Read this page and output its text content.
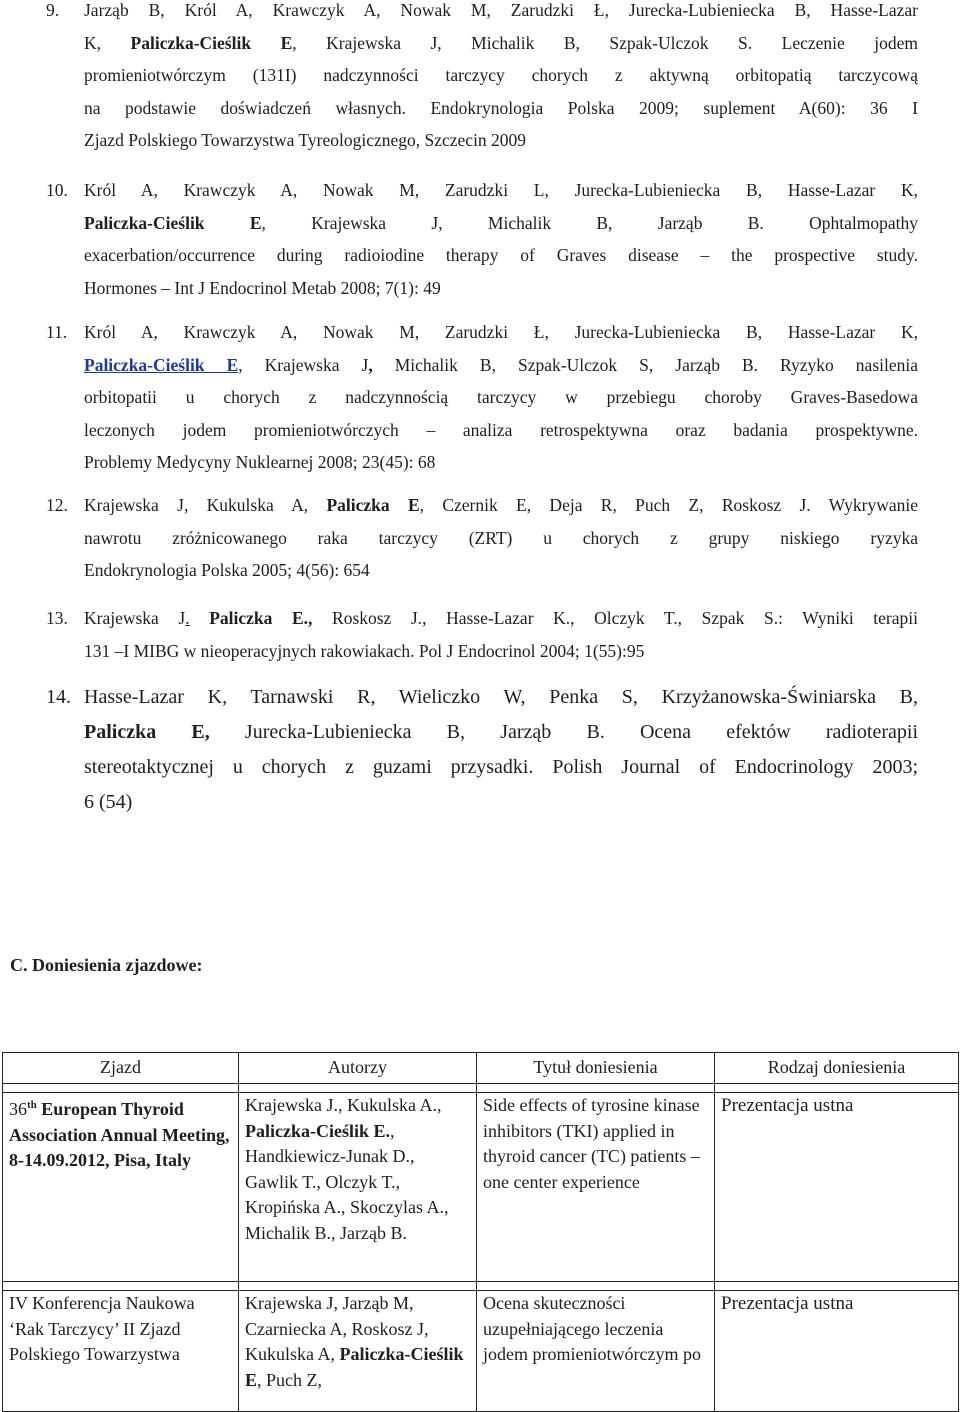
9.	Jarząb B, Król A, Krawczyk A, Nowak M, Zarudzki Ł, Jurecka-Lubieniecka B, Hasse-Lazar
K, Paliczka-Cieślik E, Krajewska J, Michalik B, Szpak-Ulczok S. Leczenie jodem
promieniotwórczym (131I) nadczynności tarczycy chorych z aktywną orbitopatią tarczycową
na podstawie doświadczeń własnych. Endokrynologia Polska 2009; suplement A(60): 36 I
Zjazd Polskiego Towarzystwa Tyreologicznego, Szczecin 2009
10. Król A, Krawczyk A, Nowak M, Zarudzki L, Jurecka-Lubieniecka B, Hasse-Lazar K,
Paliczka-Cieślik E, Krajewska J, Michalik B, Jarząb B. Ophtalmopathy
exacerbation/occurrence during radioiodine therapy of Graves disease – the prospective study.
Hormones – Int J Endocrinol Metab 2008; 7(1): 49
11. Król A, Krawczyk A, Nowak M, Zarudzki Ł, Jurecka-Lubieniecka B, Hasse-Lazar K,
Paliczka-Cieślik E, Krajewska J, Michalik B, Szpak-Ulczok S, Jarząb B. Ryzyko nasilenia
orbitopatii u chorych z nadczynnością tarczycy w przebiegu choroby Graves-Basedowa
leczonych jodem promieniotwórczych – analiza retrospektywna oraz badania prospektywne.
Problemy Medycyny Nuklearnej 2008; 23(45): 68
12. Krajewska J, Kukulska A, Paliczka E, Czernik E, Deja R, Puch Z, Roskosz J. Wykrywanie
nawrotu zróżnicowanego raka tarczycy (ZRT) u chorych z grupy niskiego ryzyka
Endokrynologia Polska 2005; 4(56): 654
13. Krajewska J. Paliczka E., Roskosz J., Hasse-Lazar K., Olczyk T., Szpak S.: Wyniki terapii
131 –I MIBG w nieoperacyjnych rakowiakach. Pol J Endocrinol 2004; 1(55):95
14. Hasse-Lazar K, Tarnawski R, Wieliczko W, Penka S, Krzyżanowska-Świniarska B,
Paliczka E, Jurecka-Lubieniecka B, Jarząb B. Ocena efektów radioterapii
stereotaktycznej u chorych z guzami przysadki. Polish Journal of Endocrinology 2003;
6 (54)
C. Doniesienia zjazdowe:
Zjazd	Autorzy	Tytuł doniesienia	Rodzaj doniesienia

36th European Thyroid Association Annual Meeting, 8-14.09.2012, Pisa, Italy	Krajewska J., Kukulska A., Paliczka-Cieślik E., Handkiewicz-Junak D., Gawlik T., Olczyk T., Kropińska A., Skoczylas A., Michalik B., Jarząb B.	Side effects of tyrosine kinase inhibitors (TKI) applied in thyroid cancer (TC) patients – one center experience	Prezentacja ustna

IV Konferencja Naukowa ‘Rak Tarczycy’ II Zjazd Polskiego Towarzystwa	Krajewska J, Jarząb M, Czarniecka A, Roskosz J, Kukulska A, Paliczka-Cieślik E, Puch Z,	Ocena skuteczności uzupełniającego leczenia jodem promieniotwórczym po	Prezentacja ustna
